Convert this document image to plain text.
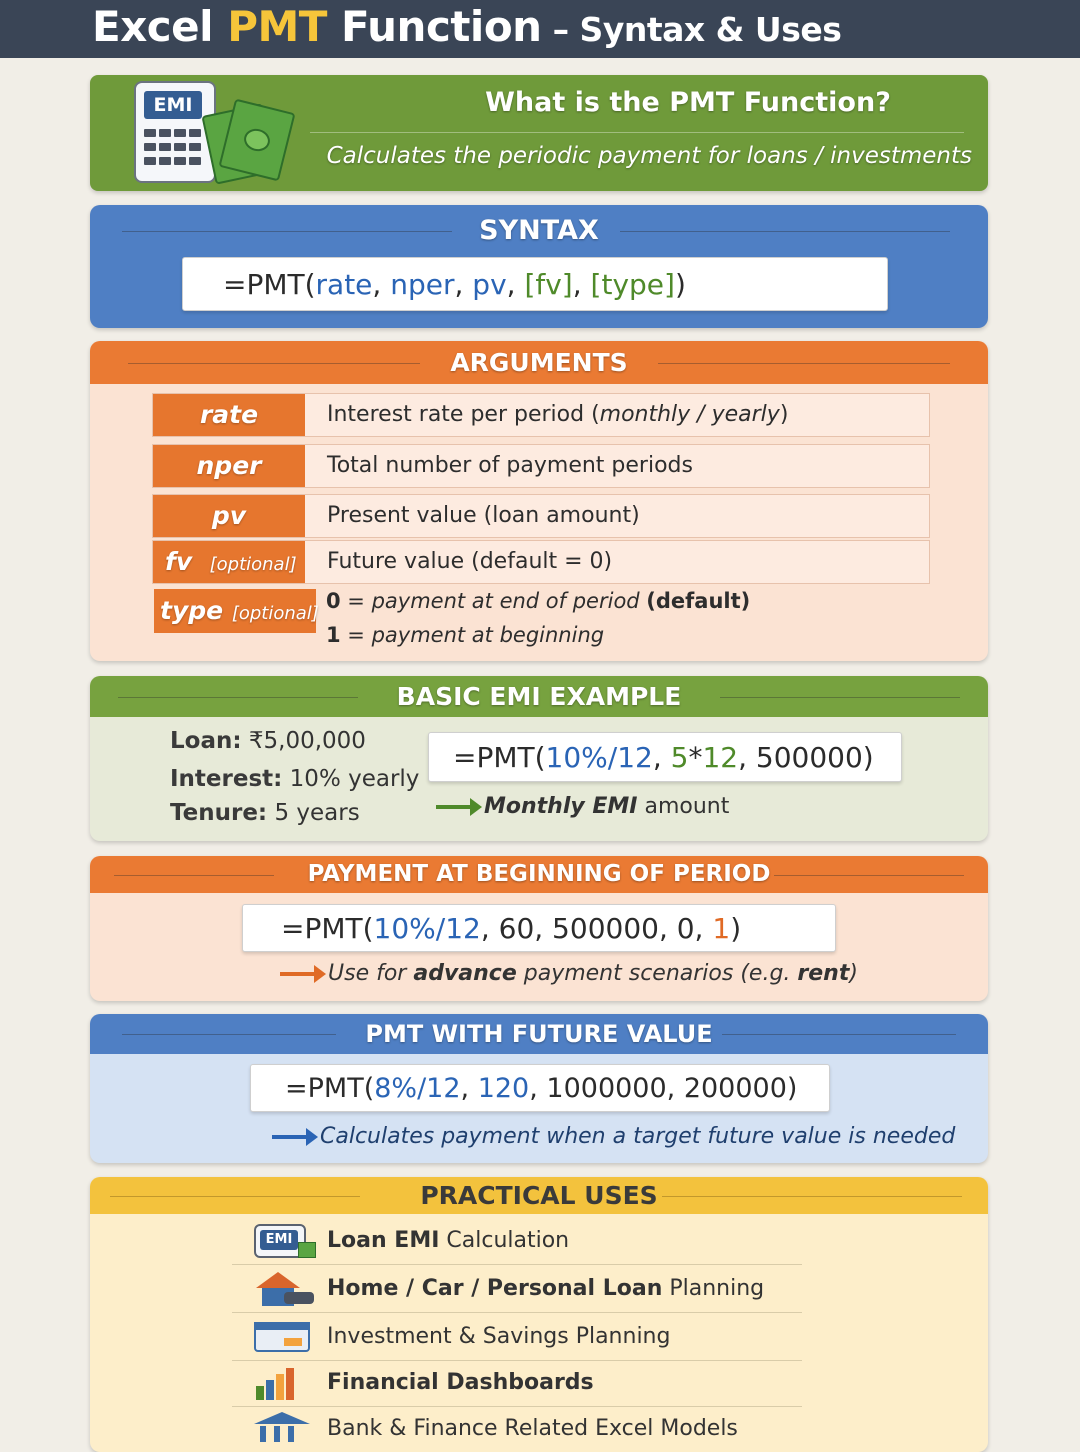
Excel PMT Function – Syntax & Uses
EMI	What is the PMT Function?
Calculates the periodic payment for loans / investments
SYNTAX
=PMT(rate, nper, pv, [fv], [type])
ARGUMENTS
rate	Interest rate per period (monthly / yearly)
nper	Total number of payment periods
pv	Present value (loan amount)
fv [optional]	Future value (default = 0)
type [optional]
0 = payment at end of period (default)
1 = payment at beginning
BASIC EMI EXAMPLE
Loan: ₹5,00,000
Interest: 10% yearly
Tenure: 5 years
=PMT(10%/12, 5*12, 500000)
Monthly EMI amount
PAYMENT AT BEGINNING OF PERIOD
=PMT(10%/12, 60, 500000, 0, 1)
Use for advance payment scenarios (e.g. rent)
PMT WITH FUTURE VALUE
=PMT(8%/12, 120, 1000000, 200000)
Calculates payment when a target future value is needed
PRACTICAL USES
EMI Loan EMI Calculation
Home / Car / Personal Loan Planning
Investment & Savings Planning
Financial Dashboards
Bank & Finance Related Excel Models
